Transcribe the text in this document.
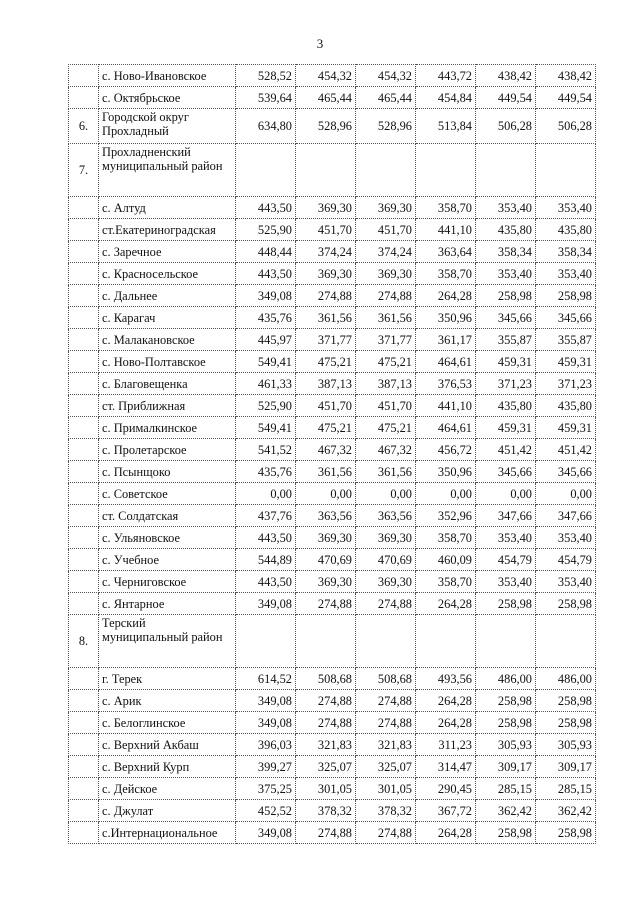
3
	с. Ново-Ивановское	528,52	454,32	454,32	443,72	438,42	438,42
	с. Октябрьское	539,64	465,44	465,44	454,84	449,54	449,54
6.	Городской округ Прохладный	634,80	528,96	528,96	513,84	506,28	506,28
7.	Прохладненский муниципальный район						
	с. Алтуд	443,50	369,30	369,30	358,70	353,40	353,40
	ст.Екатериноградская	525,90	451,70	451,70	441,10	435,80	435,80
	с. Заречное	448,44	374,24	374,24	363,64	358,34	358,34
	с. Красносельское	443,50	369,30	369,30	358,70	353,40	353,40
	с. Дальнее	349,08	274,88	274,88	264,28	258,98	258,98
	с. Карагач	435,76	361,56	361,56	350,96	345,66	345,66
	с. Малакановское	445,97	371,77	371,77	361,17	355,87	355,87
	с. Ново-Полтавское	549,41	475,21	475,21	464,61	459,31	459,31
	с. Благовещенка	461,33	387,13	387,13	376,53	371,23	371,23
	ст. Приближная	525,90	451,70	451,70	441,10	435,80	435,80
	с. Прималкинское	549,41	475,21	475,21	464,61	459,31	459,31
	с. Пролетарское	541,52	467,32	467,32	456,72	451,42	451,42
	с. Псынщоко	435,76	361,56	361,56	350,96	345,66	345,66
	с. Советское	0,00	0,00	0,00	0,00	0,00	0,00
	ст. Солдатская	437,76	363,56	363,56	352,96	347,66	347,66
	с. Ульяновское	443,50	369,30	369,30	358,70	353,40	353,40
	с. Учебное	544,89	470,69	470,69	460,09	454,79	454,79
	с. Черниговское	443,50	369,30	369,30	358,70	353,40	353,40
	с. Янтарное	349,08	274,88	274,88	264,28	258,98	258,98
8.	Терский муниципальный район						
	г. Терек	614,52	508,68	508,68	493,56	486,00	486,00
	с. Арик	349,08	274,88	274,88	264,28	258,98	258,98
	с. Белоглинское	349,08	274,88	274,88	264,28	258,98	258,98
	с. Верхний Акбаш	396,03	321,83	321,83	311,23	305,93	305,93
	с. Верхний Курп	399,27	325,07	325,07	314,47	309,17	309,17
	с. Дейское	375,25	301,05	301,05	290,45	285,15	285,15
	с. Джулат	452,52	378,32	378,32	367,72	362,42	362,42
	с.Интернациональное	349,08	274,88	274,88	264,28	258,98	258,98
